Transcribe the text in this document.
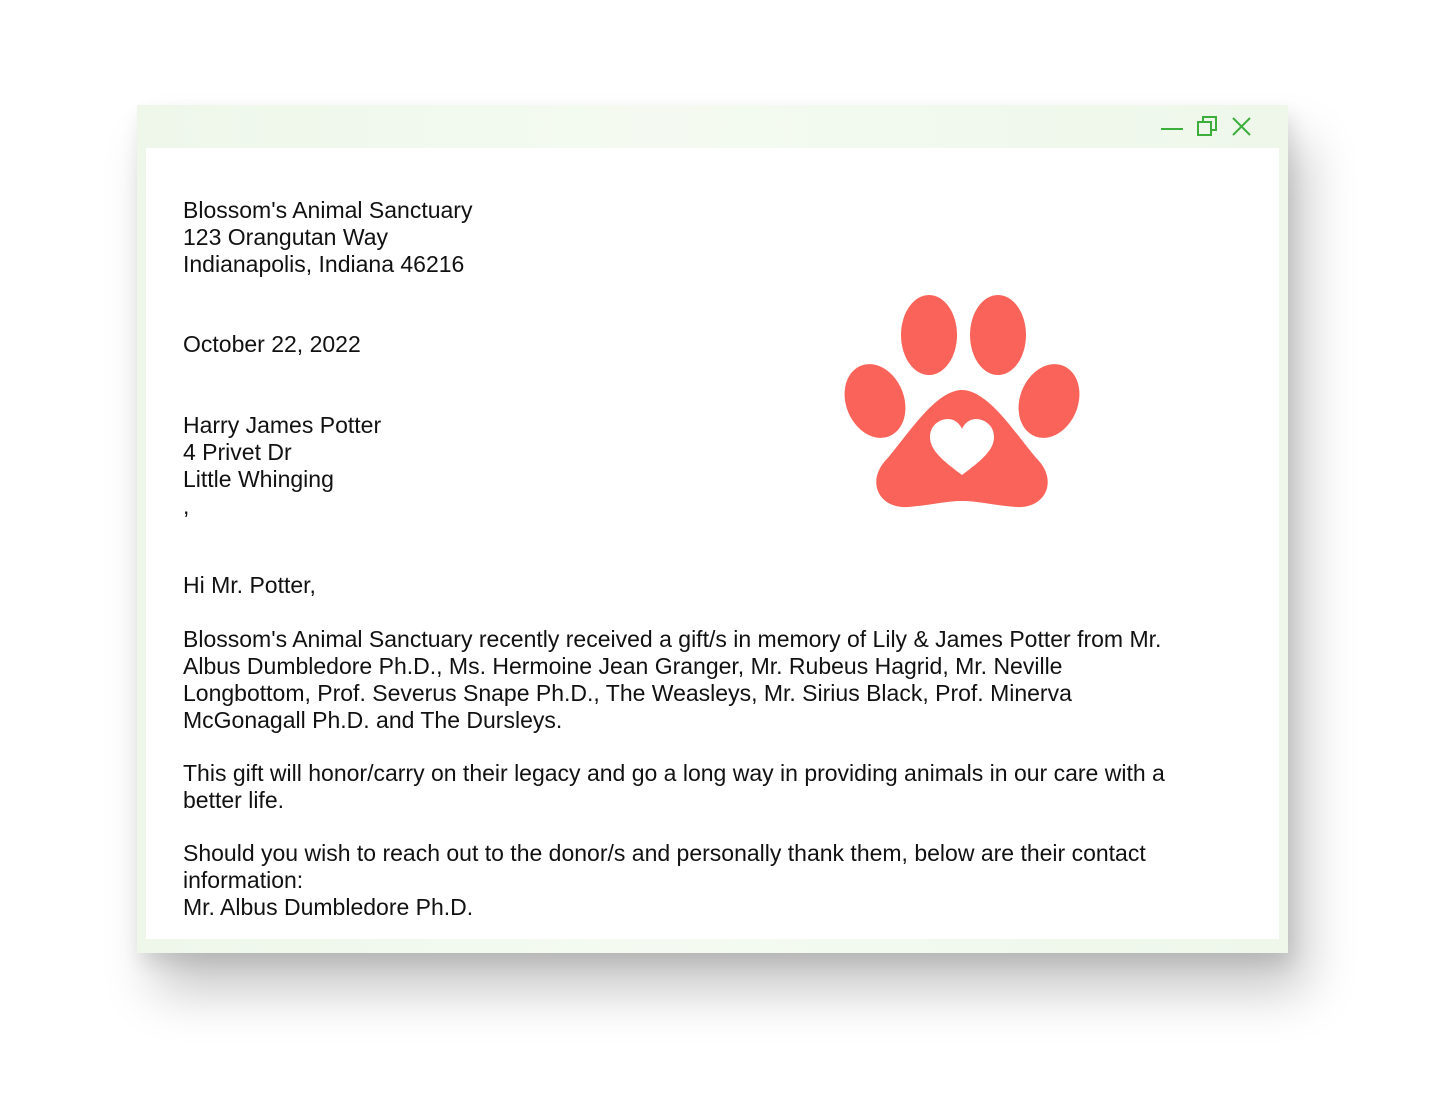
Blossom's Animal Sanctuary
123 Orangutan Way
Indianapolis, Indiana 46216
October 22, 2022
Harry James Potter
4 Privet Dr
Little Whinging
,
Hi Mr. Potter,
Blossom's Animal Sanctuary recently received a gift/s in memory of Lily & James Potter from Mr. Albus Dumbledore Ph.D., Ms. Hermoine Jean Granger, Mr. Rubeus Hagrid, Mr. Neville Longbottom, Prof. Severus Snape Ph.D., The Weasleys, Mr. Sirius Black, Prof. Minerva McGonagall Ph.D. and The Dursleys.
This gift will honor/carry on their legacy and go a long way in providing animals in our care with a better life.
Should you wish to reach out to the donor/s and personally thank them, below are their contact information:
Mr. Albus Dumbledore Ph.D.
